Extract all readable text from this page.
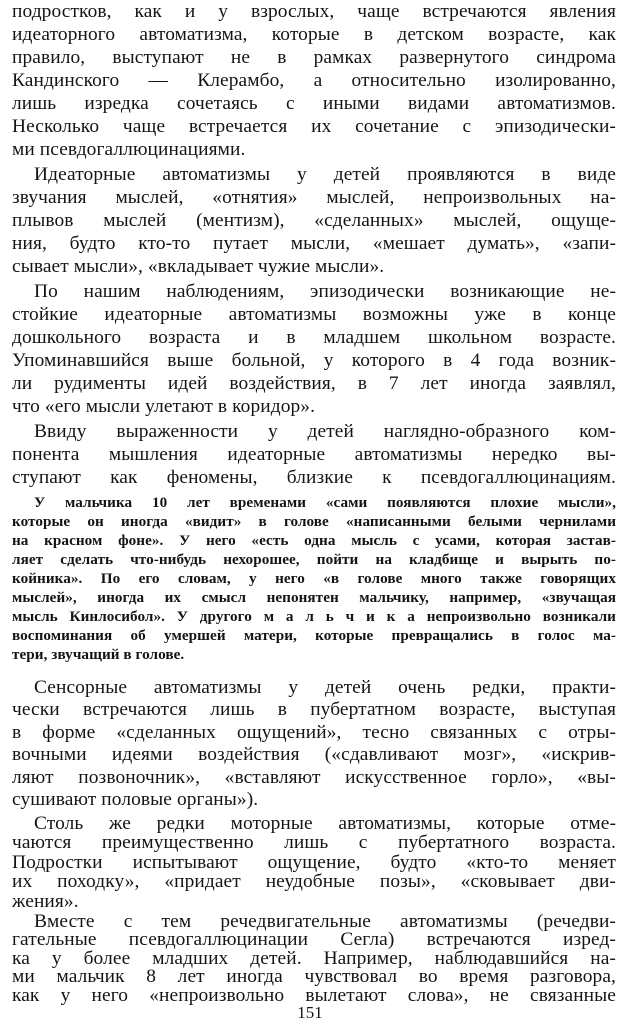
подростков, как и у взрослых, чаще встречаются явления
идеаторного автоматизма, которые в детском возрасте, как
правило, выступают не в рамках развернутого синдрома
Кандинского — Клерамбо, а относительно изолированно,
лишь изредка сочетаясь с иными видами автоматизмов.
Несколько чаще встречается их сочетание с эпизодически-
ми псевдогаллюцинациями.
Идеаторные автоматизмы у детей проявляются в виде
звучания мыслей, «отнятия» мыслей, непроизвольных на-
плывов мыслей (ментизм), «сделанных» мыслей, ощуще-
ния, будто кто-то путает мысли, «мешает думать», «запи-
сывает мысли», «вкладывает чужие мысли».
По нашим наблюдениям, эпизодически возникающие не-
стойкие идеаторные автоматизмы возможны уже в конце
дошкольного возраста и в младшем школьном возрасте.
Упоминавшийся выше больной, у которого в 4 года возник-
ли рудименты идей воздействия, в 7 лет иногда заявлял,
что «его мысли улетают в коридор».
Ввиду выраженности у детей наглядно-образного ком-
понента мышления идеаторные автоматизмы нередко вы-
ступают как феномены, близкие к псевдогаллюцинациям.
У мальчика 10 лет временами «сами появляются плохие мысли»,
которые он иногда «видит» в голове «написанными белыми чернилами
на красном фоне». У него «есть одна мысль с усами, которая застав-
ляет сделать что-нибудь нехорошее, пойти на кладбище и вырыть по-
койника». По его словам, у него «в голове много также говорящих
мыслей», иногда их смысл непонятен мальчику, например, «звучащая
мысль Кинлосибол». У другого м а л ь ч и к а непроизвольно возникали
воспоминания об умершей матери, которые превращались в голос ма-
тери, звучащий в голове.
Сенсорные автоматизмы у детей очень редки, практи-
чески встречаются лишь в пубертатном возрасте, выступая
в форме «сделанных ощущений», тесно связанных с отры-
вочными идеями воздействия («сдавливают мозг», «искрив-
ляют позвоночник», «вставляют искусственное горло», «вы-
сушивают половые органы»).
Столь же редки моторные автоматизмы, которые отме-
чаются преимущественно лишь с пубертатного возраста.
Подростки испытывают ощущение, будто «кто-то меняет
их походку», «придает неудобные позы», «сковывает дви-
жения».
Вместе с тем речедвигательные автоматизмы (речедви-
гательные псевдогаллюцинации Сегла) встречаются изред-
ка у более младших детей. Например, наблюдавшийся на-
151
ми мальчик 8 лет иногда чувствовал во время разговора,
как у него «непроизвольно вылетают слова», не связанные
